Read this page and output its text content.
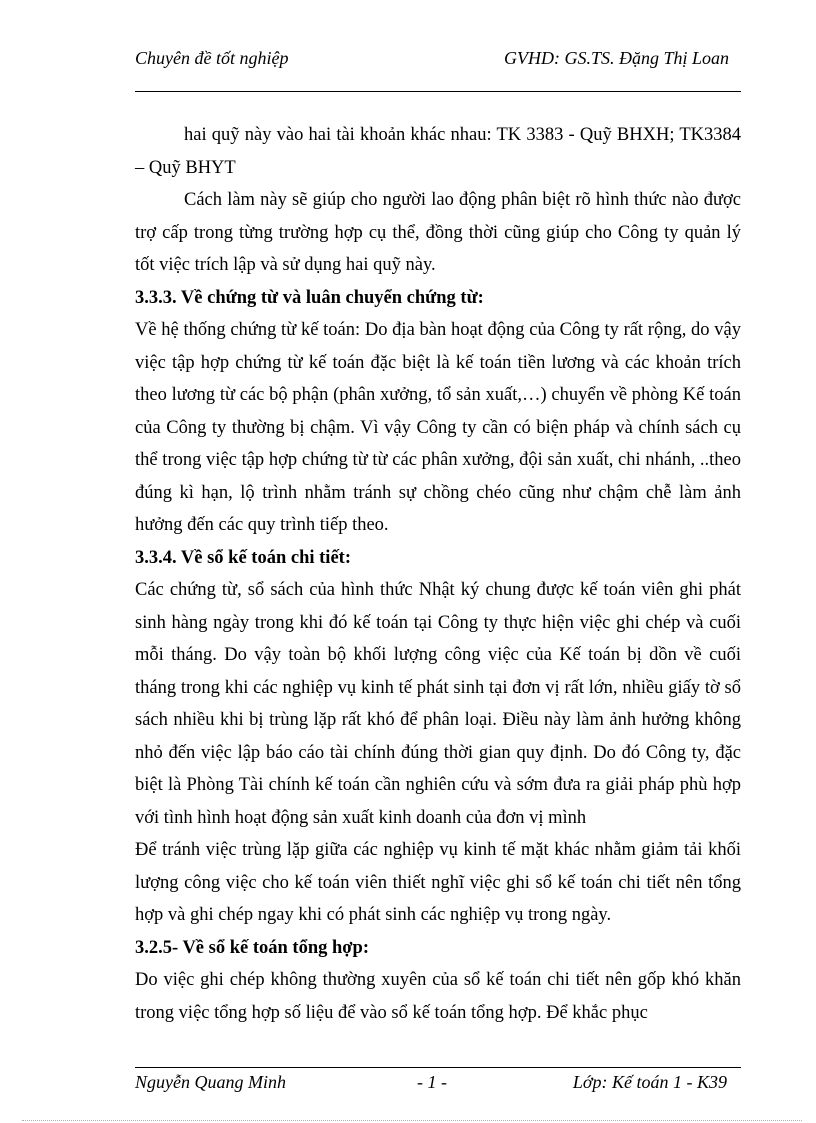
Chuyên đề tốt nghiệp	GVHD: GS.TS. Đặng Thị Loan

hai quỹ này vào hai tài khoản khác nhau: TK 3383 - Quỹ BHXH; TK3384 – Quỹ BHYT

Cách làm này sẽ giúp cho người lao động phân biệt rõ hình thức nào được trợ cấp trong từng trường hợp cụ thể, đồng thời cũng giúp cho Công ty quản lý tốt việc trích lập và sử dụng hai quỹ này.

3.3.3. Về chứng từ và luân chuyển chứng từ:

Về hệ thống chứng từ kế toán: Do địa bàn hoạt động của Công ty rất rộng, do vậy việc tập hợp chứng từ kế toán đặc biệt là kế toán tiền lương và các khoản trích theo lương từ các bộ phận (phân xưởng, tổ sản xuất,…) chuyển về phòng Kế toán của Công ty thường bị chậm. Vì vậy Công ty cần có biện pháp và chính sách cụ thể trong việc tập hợp chứng từ từ các phân xưởng, đội sản xuất, chi nhánh, ..theo đúng kì hạn, lộ trình nhằm tránh sự chồng chéo cũng như chậm chễ làm ảnh hưởng đến các quy trình tiếp theo.

3.3.4. Về sổ kế toán chi tiết:

Các chứng từ, sổ sách của hình thức Nhật ký chung được kế toán viên ghi phát sinh hàng ngày trong khi đó kế toán tại Công ty thực hiện việc ghi chép và cuối mỗi tháng. Do vậy toàn bộ khối lượng công việc của Kế toán bị dồn về cuối tháng trong khi các nghiệp vụ kinh tế phát sinh tại đơn vị rất lớn, nhiều giấy tờ sổ sách nhiều khi bị trùng lặp rất khó để phân loại. Điều này làm ảnh hưởng không nhỏ đến việc lập báo cáo tài chính đúng thời gian quy định. Do đó Công ty, đặc biệt là Phòng Tài chính kế toán cần nghiên cứu và sớm đưa ra giải pháp phù hợp với tình hình hoạt động sản xuất kinh doanh của đơn vị mình

Để tránh việc trùng lặp giữa các nghiệp vụ kinh tế mặt khác nhằm giảm tải khối lượng công việc cho kế toán viên thiết nghĩ việc ghi sổ kế toán chi tiết nên tổng hợp và ghi chép ngay khi có phát sinh các nghiệp vụ trong ngày.

3.2.5- Về sổ kế toán tổng hợp:

Do việc ghi chép không thường xuyên của sổ kế toán chi tiết nên gốp khó khăn trong việc tổng hợp số liệu để vào sổ kế toán tổng hợp. Để khắc phục

Nguyễn Quang Minh	- 1 -	Lớp: Kế toán 1 - K39
